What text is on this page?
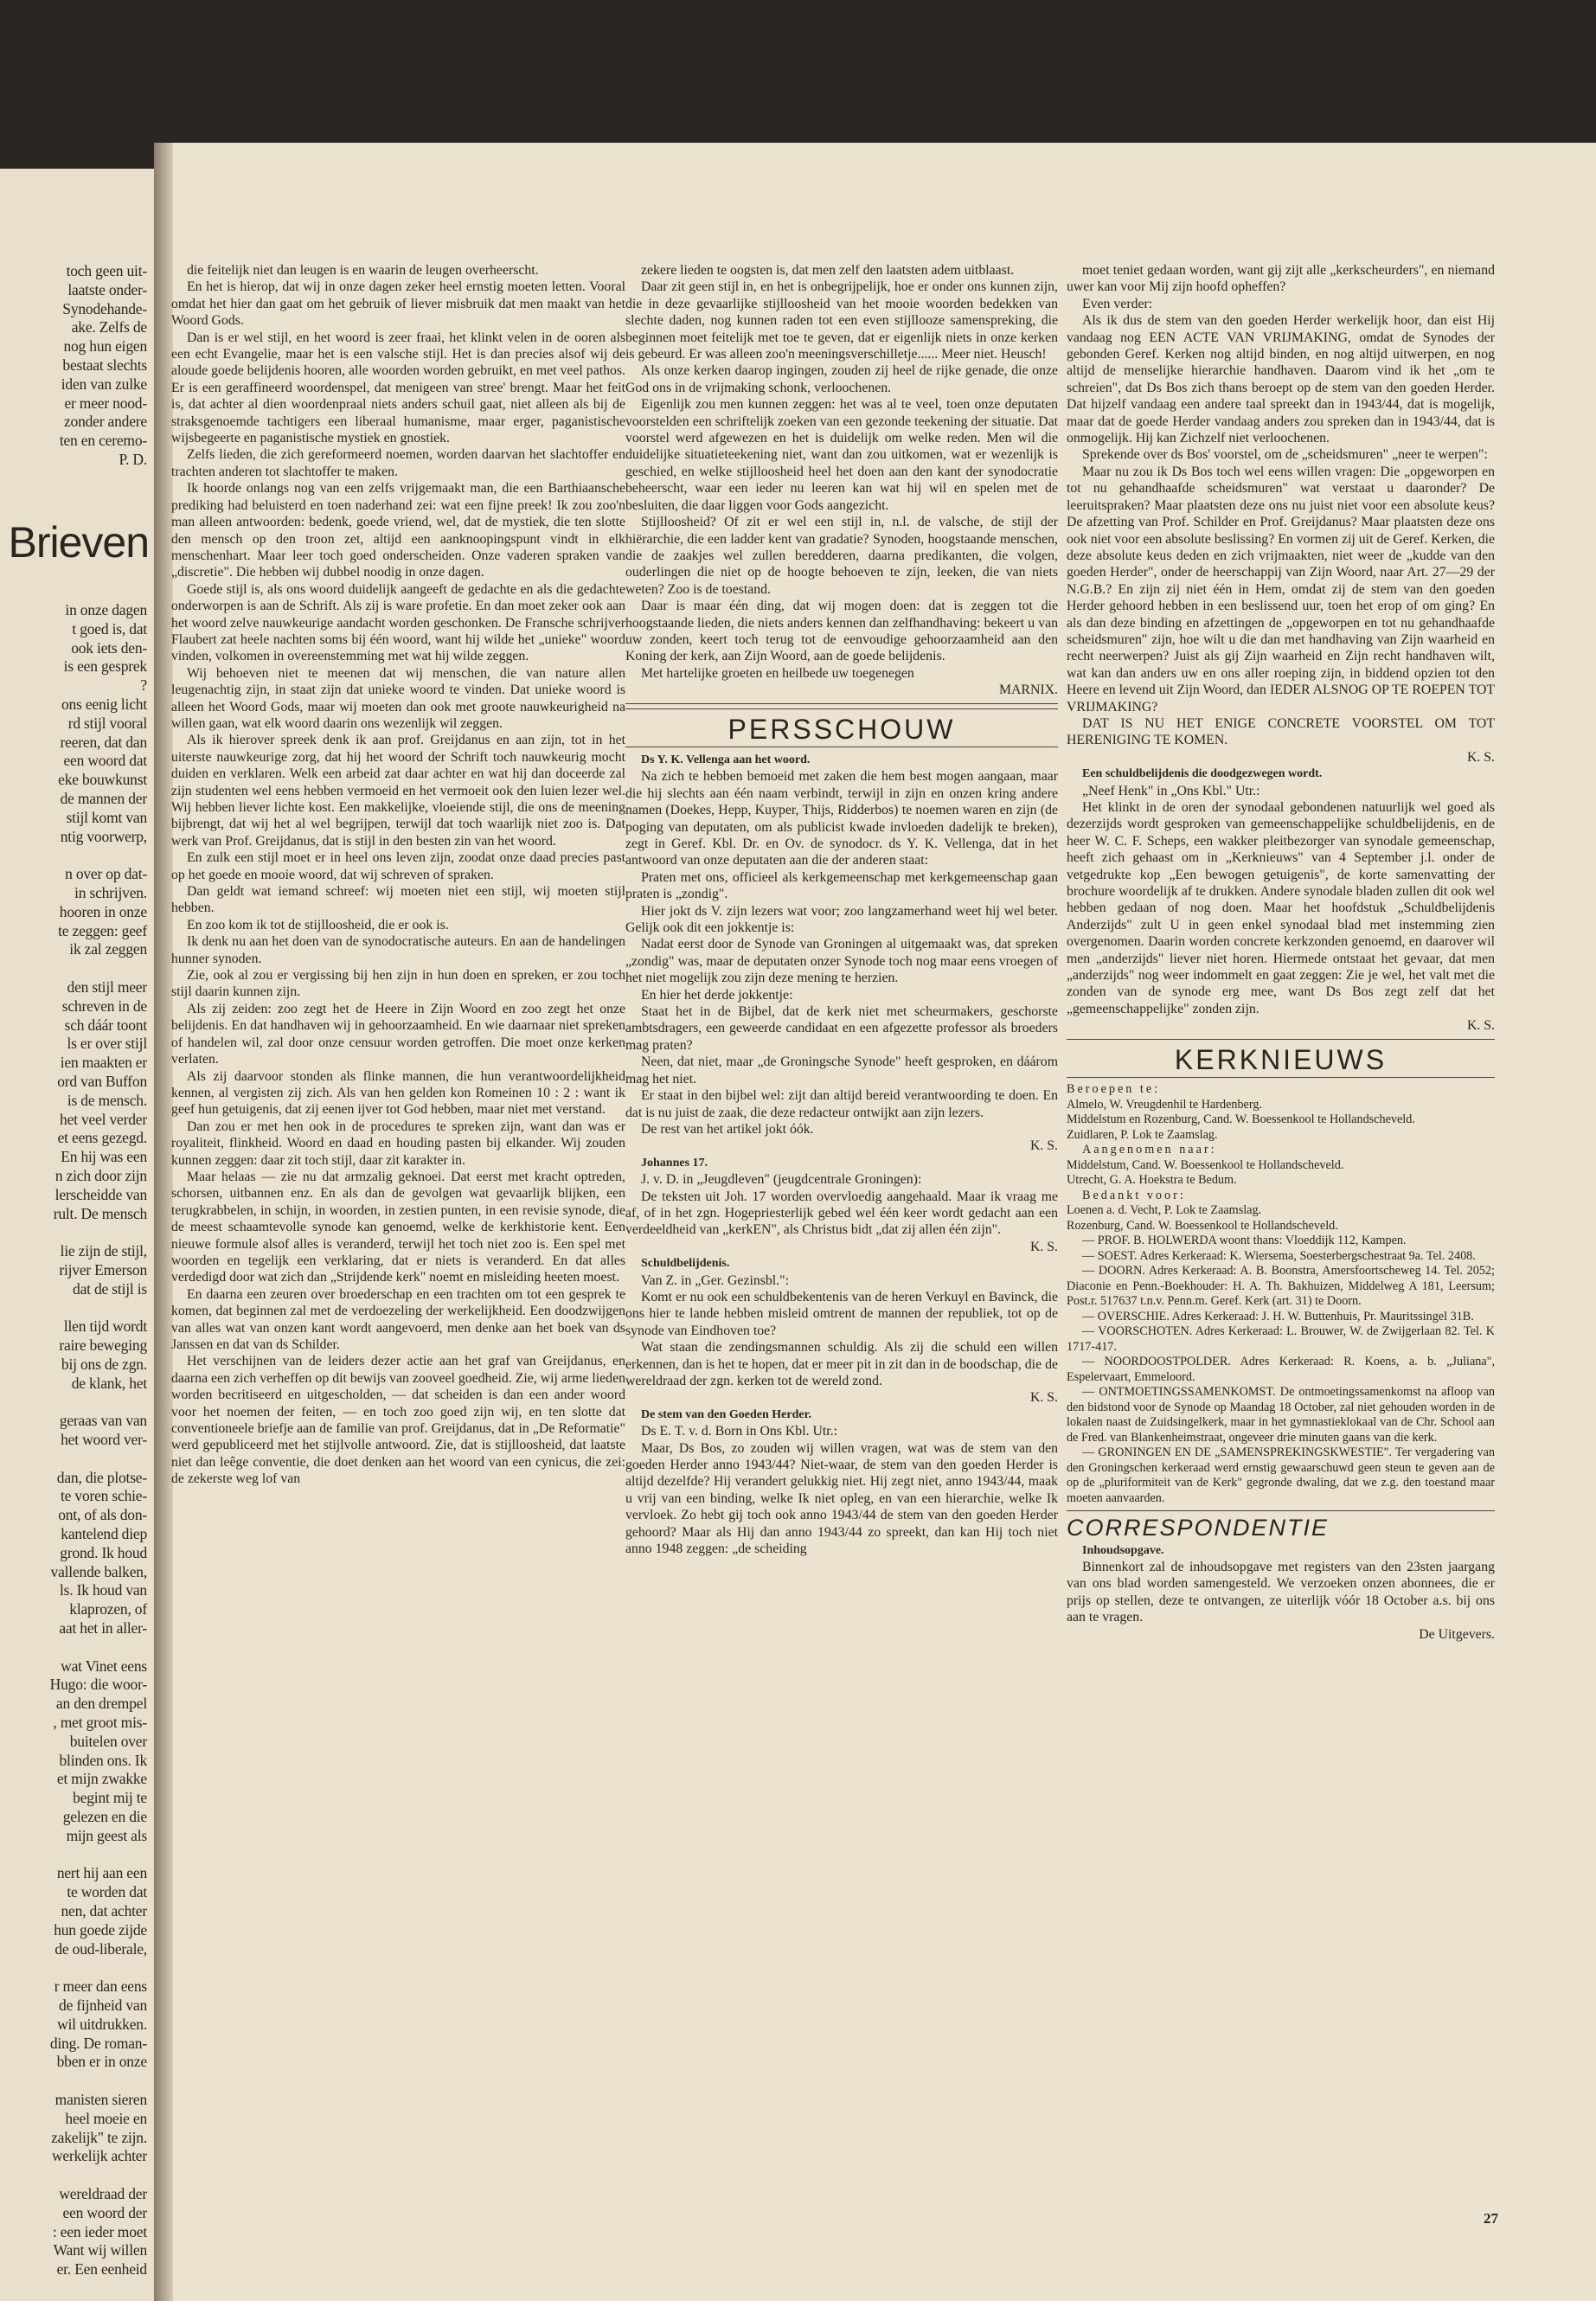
toch geen uit-
laatste onder-
Synodehande-
ake. Zelfs de
nog hun eigen
bestaat slechts
iden van zulke
er meer nood-
zonder andere
ten en ceremo-
P. D.
Brieven
in onze dagen
t goed is, dat
ook iets den-
is een gesprek
?
ons eenig licht
rd stijl vooral
reeren, dat dan
een woord dat
eke bouwkunst
de mannen der
stijl komt van
ntig voorwerp,

n over op dat-
in schrijven.
hooren in onze
te zeggen: geef
ik zal zeggen

den stijl meer
schreven in de
sch dáár toont
ls er over stijl
ien maakten er
ord van Buffon
is de mensch.
het veel verder
et eens gezegd.
En hij was een
n zich door zijn
lerscheidde van
rult. De mensch

lie zijn de stijl,
rijver Emerson
dat de stijl is

llen tijd wordt
raire beweging
bij ons de zgn.
de klank, het

geraas van van
het woord ver-

dan, die plotse-
te voren schie-
ont, of als don-
kantelend diep
grond. Ik houd
vallende balken,
ls. Ik houd van
klaprozen, of
aat het in aller-

wat Vinet eens
Hugo: die woor-
an den drempel
, met groot mis-
buitelen over
blinden ons. Ik
et mijn zwakke
begint mij te
gelezen en die
mijn geest als

nert hij aan een
te worden dat
nen, dat achter
hun goede zijde
de oud-liberale,

r meer dan eens
de fijnheid van
wil uitdrukken.
ding. De roman-
bben er in onze

manisten sieren
heel moeie en
zakelijk" te zijn.
werkelijk achter

wereldraad der
een woord der
: een ieder moet
Want wij willen
er. Een eenheid

die feitelijk niet dan leugen is en waarin de leugen overheerscht.

En het is hierop, dat wij in onze dagen zeker heel ernstig moeten letten. Vooral omdat het hier dan gaat om het gebruik of liever misbruik dat men maakt van het Woord Gods.

Dan is er wel stijl, en het woord is zeer fraai, het klinkt velen in de ooren als een echt Evangelie, maar het is een valsche stijl. Het is dan precies alsof wij de aloude goede belijdenis hooren, alle woorden worden gebruikt, en met veel pathos. Er is een geraffineerd woordenspel, dat menigeen van stree' brengt. Maar het feit is, dat achter al dien woordenpraal niets anders schuil gaat, niet alleen als bij de straksgenoemde tachtigers een liberaal humanisme, maar erger, paganistische wijsbegeerte en paganistische mystiek en gnostiek.

Zelfs lieden, die zich gereformeerd noemen, worden daarvan het slachtoffer en trachten anderen tot slachtoffer te maken.

Ik hoorde onlangs nog van een zelfs vrijgemaakt man, die een Barthiaansche prediking had beluisterd en toen naderhand zei: wat een fijne preek! Ik zou zoo'n man alleen antwoorden: bedenk, goede vriend, wel, dat de mystiek, die ten slotte den mensch op den troon zet, altijd een aanknoopingspunt vindt in elk menschenhart. Maar leer toch goed onderscheiden. Onze vaderen spraken van „discretie". Die hebben wij dubbel noodig in onze dagen.

Goede stijl is, als ons woord duidelijk aangeeft de gedachte en als die gedachte onderworpen is aan de Schrift. Als zij is ware profetie. En dan moet zeker ook aan het woord zelve nauwkeurige aandacht worden geschonken. De Fransche schrijver Flaubert zat heele nachten soms bij één woord, want hij wilde het „unieke" woord vinden, volkomen in overeenstemming met wat hij wilde zeggen.

Wij behoeven niet te meenen dat wij menschen, die van nature allen leugenachtig zijn, in staat zijn dat unieke woord te vinden. Dat unieke woord is alleen het Woord Gods, maar wij moeten dan ook met groote nauwkeurigheid na willen gaan, wat elk woord daarin ons wezenlijk wil zeggen.

Als ik hierover spreek denk ik aan prof. Greijdanus en aan zijn, tot in het uiterste nauwkeurige zorg, dat hij het woord der Schrift toch nauwkeurig mocht duiden en verklaren. Welk een arbeid zat daar achter en wat hij dan doceerde zal zijn studenten wel eens hebben vermoeid en het vermoeit ook den luien lezer wel. Wij hebben liever lichte kost. Een makkelijke, vloeiende stijl, die ons de meening bijbrengt, dat wij het al wel begrijpen, terwijl dat toch waarlijk niet zoo is. Dat werk van Prof. Greijdanus, dat is stijl in den besten zin van het woord.

En zulk een stijl moet er in heel ons leven zijn, zoodat onze daad precies past op het goede en mooie woord, dat wij schreven of spraken.

Dan geldt wat iemand schreef: wij moeten niet een stijl, wij moeten stijl hebben.

En zoo kom ik tot de stijlloosheid, die er ook is.

Ik denk nu aan het doen van de synodocratische auteurs. En aan de handelingen hunner synoden.

Zie, ook al zou er vergissing bij hen zijn in hun doen en spreken, er zou toch stijl daarin kunnen zijn.

Als zij zeiden: zoo zegt het de Heere in Zijn Woord en zoo zegt het onze belijdenis. En dat handhaven wij in gehoorzaamheid. En wie daarnaar niet spreken of handelen wil, zal door onze censuur worden getroffen. Die moet onze kerken verlaten.

Als zij daarvoor stonden als flinke mannen, die hun verantwoordelijkheid kennen, al vergisten zij zich. Als van hen gelden kon Romeinen 10 : 2 : want ik geef hun getuigenis, dat zij eenen ijver tot God hebben, maar niet met verstand.

Dan zou er met hen ook in de procedures te spreken zijn, want dan was er royaliteit, flinkheid. Woord en daad en houding pasten bij elkander. Wij zouden kunnen zeggen: daar zit toch stijl, daar zit karakter in.

Maar helaas — zie nu dat armzalig geknoei. Dat eerst met kracht optreden, schorsen, uitbannen enz. En als dan de gevolgen wat gevaarlijk blijken, een terugkrabbelen, in schijn, in woorden, in zestien punten, in een revisie synode, die de meest schaamtevolle synode kan genoemd, welke de kerkhistorie kent. Een nieuwe formule alsof alles is veranderd, terwijl het toch niet zoo is. Een spel met woorden en tegelijk een verklaring, dat er niets is veranderd. En dat alles verdedigd door wat zich dan „Strijdende kerk" noemt en misleiding heeten moest.

En daarna een zeuren over broederschap en een trachten om tot een gesprek te komen, dat beginnen zal met de verdoezeling der werkelijkheid. Een doodzwijgen van alles wat van onzen kant wordt aangevoerd, men denke aan het boek van ds Janssen en dat van ds Schilder.

Het verschijnen van de leiders dezer actie aan het graf van Greijdanus, en daarna een zich verheffen op dit bewijs van zooveel goedheid. Zie, wij arme lieden worden becritiseerd en uitgescholden, — dat scheiden is dan een ander woord voor het noemen der feiten, — en toch zoo goed zijn wij, en ten slotte dat conventioneele briefje aan de familie van prof. Greijdanus, dat in „De Reformatie" werd gepubliceerd met het stijlvolle antwoord. Zie, dat is stijlloosheid, dat laatste niet dan leêge conventie, die doet denken aan het woord van een cynicus, die zei: de zekerste weg lof van

zekere lieden te oogsten is, dat men zelf den laatsten adem uitblaast.

Daar zit geen stijl in, en het is onbegrijpelijk, hoe er onder ons kunnen zijn, die in deze gevaarlijke stijlloosheid van het mooie woorden bedekken van slechte daden, nog kunnen raden tot een even stijllooze samenspreking, die beginnen moet feitelijk met toe te geven, dat er eigenlijk niets in onze kerken is gebeurd. Er was alleen zoo'n meeningsverschilletje...... Meer niet. Heusch!

Als onze kerken daarop ingingen, zouden zij heel de rijke genade, die onze God ons in de vrijmaking schonk, verloochenen.

Eigenlijk zou men kunnen zeggen: het was al te veel, toen onze deputaten voorstelden een schriftelijk zoeken van een gezonde teekening der situatie. Dat voorstel werd afgewezen en het is duidelijk om welke reden. Men wil die duidelijke situatieteekening niet, want dan zou uitkomen, wat er wezenlijk is geschied, en welke stijlloosheid heel het doen aan den kant der synodocratie beheerscht, waar een ieder nu leeren kan wat hij wil en spelen met de besluiten, die daar liggen voor Gods aangezicht.

Stijlloosheid? Of zit er wel een stijl in, n.l. de valsche, de stijl der hiërarchie, die een ladder kent van gradatie? Synoden, hoogstaande menschen, die de zaakjes wel zullen beredderen, daarna predikanten, die volgen, ouderlingen die niet op de hoogte behoeven te zijn, leeken, die van niets weten? Zoo is de toestand.

Daar is maar één ding, dat wij mogen doen: dat is zeggen tot die hoogstaande lieden, die niets anders kennen dan zelfhandhaving: bekeert u van uw zonden, keert toch terug tot de eenvoudige gehoorzaamheid aan den Koning der kerk, aan Zijn Woord, aan de goede belijdenis.

Met hartelijke groeten en heilbede uw toegenegen

MARNIX.

PERSSCHOUW

Ds Y. K. Vellenga aan het woord.

Na zich te hebben bemoeid met zaken die hem best mogen aangaan, maar die hij slechts aan één naam verbindt, terwijl in zijn en onzen kring andere namen (Doekes, Hepp, Kuyper, Thijs, Ridderbos) te noemen waren en zijn (de poging van deputaten, om als publicist kwade invloeden dadelijk te breken), zegt in Geref. Kbl. Dr. en Ov. de synodocr. ds Y. K. Vellenga, dat in het antwoord van onze deputaten aan die der anderen staat:

Praten met ons, officieel als kerkgemeenschap met kerkgemeenschap gaan praten is „zondig".

Hier jokt ds V. zijn lezers wat voor; zoo langzamerhand weet hij wel beter. Gelijk ook dit een jokkentje is:

Nadat eerst door de Synode van Groningen al uitgemaakt was, dat spreken „zondig" was, maar de deputaten onzer Synode toch nog maar eens vroegen of het niet mogelijk zou zijn deze mening te herzien.

En hier het derde jokkentje:

Staat het in de Bijbel, dat de kerk niet met scheurmakers, geschorste ambtsdragers, een geweerde candidaat en een afgezette professor als broeders mag praten?

Neen, dat niet, maar „de Groningsche Synode" heeft gesproken, en dáárom mag het niet.

Er staat in den bijbel wel: zijt dan altijd bereid verantwoording te doen. En dat is nu juist de zaak, die deze redacteur ontwijkt aan zijn lezers.

De rest van het artikel jokt óók.

K. S.

Johannes 17.

J. v. D. in „Jeugdleven" (jeugdcentrale Groningen):

De teksten uit Joh. 17 worden overvloedig aangehaald. Maar ik vraag me af, of in het zgn. Hogepriesterlijk gebed wel één keer wordt gedacht aan een verdeeldheid van „kerkEN", als Christus bidt „dat zij allen één zijn".

K. S.

Schuldbelijdenis.

Van Z. in „Ger. Gezinsbl.":

Komt er nu ook een schuldbekentenis van de heren Verkuyl en Bavinck, die ons hier te lande hebben misleid omtrent de mannen der republiek, tot op de synode van Eindhoven toe?

Wat staan die zendingsmannen schuldig. Als zij die schuld een willen erkennen, dan is het te hopen, dat er meer pit in zit dan in de boodschap, die de wereldraad der zgn. kerken tot de wereld zond.

K. S.

De stem van den Goeden Herder.

Ds E. T. v. d. Born in Ons Kbl. Utr.:

Maar, Ds Bos, zo zouden wij willen vragen, wat was de stem van den goeden Herder anno 1943/44? Niet-waar, de stem van den goeden Herder is altijd dezelfde? Hij verandert gelukkig niet. Hij zegt niet, anno 1943/44, maak u vrij van een binding, welke Ik niet opleg, en van een hierarchie, welke Ik vervloek. Zo hebt gij toch ook anno 1943/44 de stem van den goeden Herder gehoord? Maar als Hij dan anno 1943/44 zo spreekt, dan kan Hij toch niet anno 1948 zeggen: „de scheiding

moet teniet gedaan worden, want gij zijt alle „kerkscheurders", en niemand uwer kan voor Mij zijn hoofd opheffen?

Even verder:

Als ik dus de stem van den goeden Herder werkelijk hoor, dan eist Hij vandaag nog EEN ACTE VAN VRIJMAKING, omdat de Synodes der gebonden Geref. Kerken nog altijd binden, en nog altijd uitwerpen, en nog altijd de menselijke hierarchie handhaven. Daarom vind ik het „om te schreien", dat Ds Bos zich thans beroept op de stem van den goeden Herder. Dat hijzelf vandaag een andere taal spreekt dan in 1943/44, dat is mogelijk, maar dat de goede Herder vandaag anders zou spreken dan in 1943/44, dat is onmogelijk. Hij kan Zichzelf niet verloochenen.

Sprekende over ds Bos' voorstel, om de „scheidsmuren" „neer te werpen":

Maar nu zou ik Ds Bos toch wel eens willen vragen: Die „opgeworpen en tot nu gehandhaafde scheidsmuren" wat verstaat u daaronder? De leeruitspraken? Maar plaatsten deze ons nu juist niet voor een absolute keus? De afzetting van Prof. Schilder en Prof. Greijdanus? Maar plaatsten deze ons ook niet voor een absolute beslissing? En vormen zij uit de Geref. Kerken, die deze absolute keus deden en zich vrijmaakten, niet weer de „kudde van den goeden Herder", onder de heerschappij van Zijn Woord, naar Art. 27—29 der N.G.B.? En zijn zij niet één in Hem, omdat zij de stem van den goeden Herder gehoord hebben in een beslissend uur, toen het erop of om ging? En als dan deze binding en afzettingen de „opgeworpen en tot nu gehandhaafde scheidsmuren" zijn, hoe wilt u die dan met handhaving van Zijn waarheid en recht neerwerpen? Juist als gij Zijn waarheid en Zijn recht handhaven wilt, wat kan dan anders uw en ons aller roeping zijn, in biddend opzien tot den Heere en levend uit Zijn Woord, dan IEDER ALSNOG OP TE ROEPEN TOT VRIJMAKING?

DAT IS NU HET ENIGE CONCRETE VOORSTEL OM TOT HERENIGING TE KOMEN.

K. S.

Een schuldbelijdenis die doodgezwegen wordt.

„Neef Henk" in „Ons Kbl." Utr.:

Het klinkt in de oren der synodaal gebondenen natuurlijk wel goed als dezerzijds wordt gesproken van gemeenschappelijke schuldbelijdenis, en de heer W. C. F. Scheps, een wakker pleitbezorger van synodale gemeenschap, heeft zich gehaast om in „Kerknieuws" van 4 September j.l. onder de vetgedrukte kop „Een bewogen getuigenis", de korte samenvatting der brochure woordelijk af te drukken. Andere synodale bladen zullen dit ook wel hebben gedaan of nog doen. Maar het hoofdstuk „Schuldbelijdenis Anderzijds" zult U in geen enkel synodaal blad met instemming zien overgenomen. Daarin worden concrete kerkzonden genoemd, en daarover wil men „anderzijds" liever niet horen. Hiermede ontstaat het gevaar, dat men „anderzijds" nog weer indommelt en gaat zeggen: Zie je wel, het valt met die zonden van de synode erg mee, want Ds Bos zegt zelf dat het „gemeenschappelijke" zonden zijn.

K. S.

KERKNIEUWS

Beroepen te:

Almelo, W. Vreugdenhil te Hardenberg.
Middelstum en Rozenburg, Cand. W. Boessenkool te Hollandscheveld.
Zuidlaren, P. Lok te Zaamslag.

Aangenomen naar:

Middelstum, Cand. W. Boessenkool te Hollandscheveld.
Utrecht, G. A. Hoekstra te Bedum.

Bedankt voor:

Loenen a. d. Vecht, P. Lok te Zaamslag.
Rozenburg, Cand. W. Boessenkool te Hollandscheveld.

— PROF. B. HOLWERDA woont thans: Vloeddijk 112, Kampen.

— SOEST. Adres Kerkeraad: K. Wiersema, Soesterbergschestraat 9a. Tel. 2408.

— DOORN. Adres Kerkeraad: A. B. Boonstra, Amersfoortscheweg 14. Tel. 2052; Diaconie en Penn.-Boekhouder: H. A. Th. Bakhuizen, Middelweg A 181, Leersum; Post.r. 517637 t.n.v. Penn.m. Geref. Kerk (art. 31) te Doorn.

— OVERSCHIE. Adres Kerkeraad: J. H. W. Buttenhuis, Pr. Mauritssingel 31B.

— VOORSCHOTEN. Adres Kerkeraad: L. Brouwer, W. de Zwijgerlaan 82. Tel. K 1717-417.

— NOORDOOSTPOLDER. Adres Kerkeraad: R. Koens, a. b. „Juliana", Espelervaart, Emmeloord.

— ONTMOETINGSSAMENKOMST. De ontmoetingssamenkomst na afloop van den bidstond voor de Synode op Maandag 18 October, zal niet gehouden worden in de lokalen naast de Zuidsingelkerk, maar in het gymnastieklokaal van de Chr. School aan de Fred. van Blankenheimstraat, ongeveer drie minuten gaans van die kerk.

— GRONINGEN EN DE „SAMENSPREKINGSKWESTIE". Ter vergadering van den Groningschen kerkeraad werd ernstig gewaarschuwd geen steun te geven aan de op de „pluriformiteit van de Kerk" gegronde dwaling, dat we z.g. den toestand maar moeten aanvaarden.

CORRESPONDENTIE

Inhoudsopgave.

Binnenkort zal de inhoudsopgave met registers van den 23sten jaargang van ons blad worden samengesteld. We verzoeken onzen abonnees, die er prijs op stellen, deze te ontvangen, ze uiterlijk vóór 18 October a.s. bij ons aan te vragen.

De Uitgevers.

27
